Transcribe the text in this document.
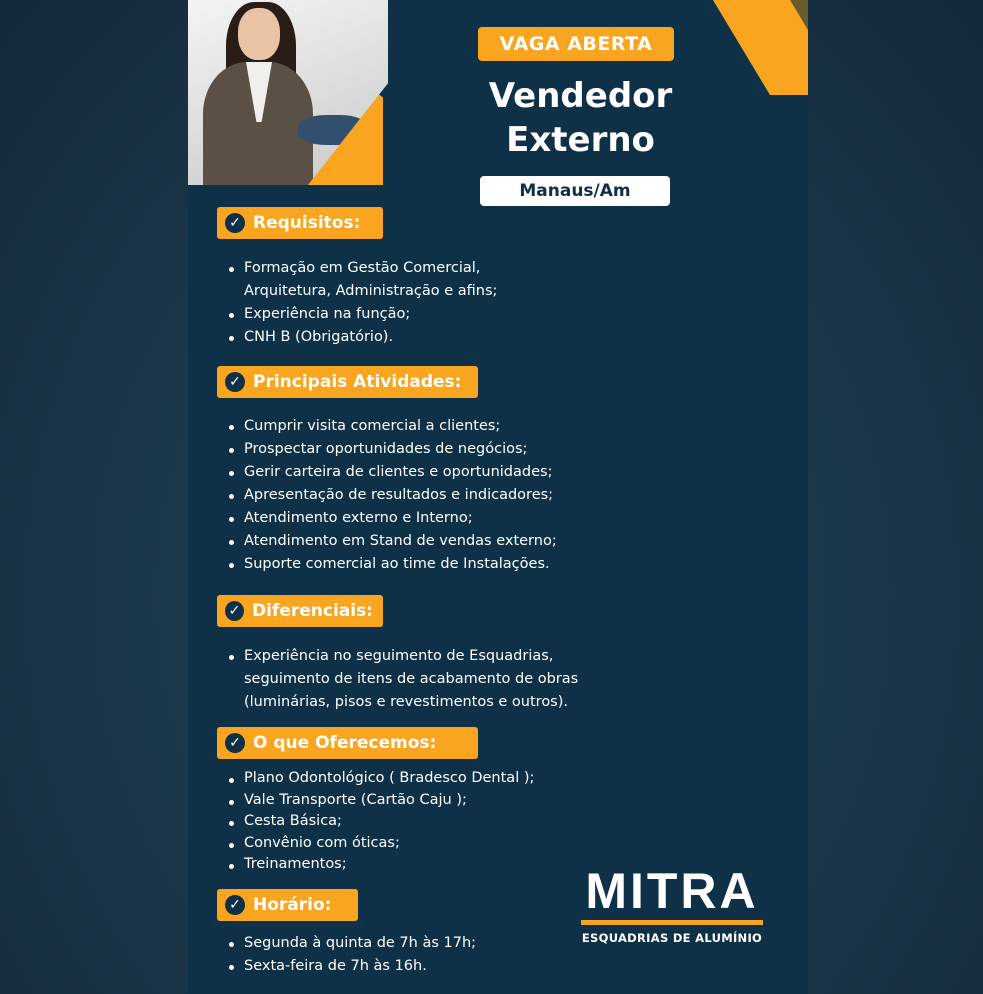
VAGA ABERTA
Vendedor Externo
Manaus/Am
✓ Requisitos:
Formação em Gestão Comercial, Arquitetura, Administração e afins;
Experiência na função;
CNH B (Obrigatório).
✓ Principais Atividades:
Cumprir visita comercial a clientes;
Prospectar oportunidades de negócios;
Gerir carteira de clientes e oportunidades;
Apresentação de resultados e indicadores;
Atendimento externo e Interno;
Atendimento em Stand de vendas externo;
Suporte comercial ao time de Instalações.
✓ Diferenciais:
Experiência no seguimento de Esquadrias, seguimento de itens de acabamento de obras (luminárias, pisos e revestimentos e outros).
✓ O que Oferecemos:
Plano Odontológico ( Bradesco Dental );
Vale Transporte (Cartão Caju );
Cesta Básica;
Convênio com óticas;
Treinamentos;
✓ Horário:
Segunda à quinta de 7h às 17h;
Sexta-feira de 7h às 16h.
MITRA
ESQUADRIAS DE ALUMÍNIO
